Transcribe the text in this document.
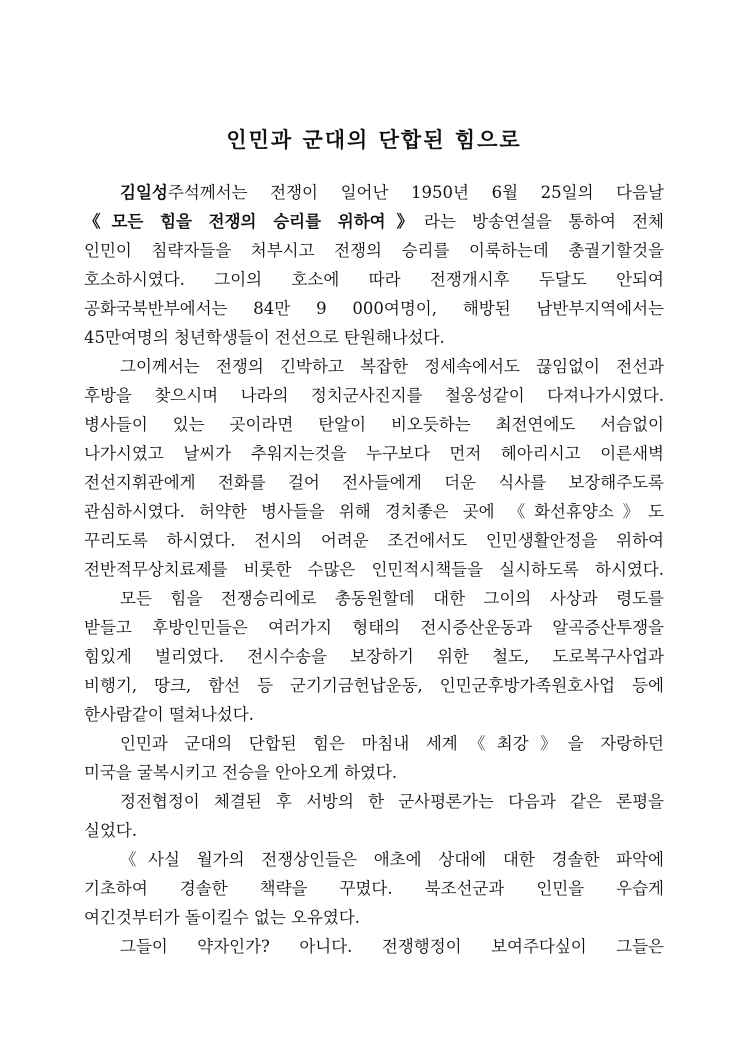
인민과 군대의 단합된 힘으로
김일성주석께서는 전쟁이 일어난 1950년 6월 25일의 다음날
《모든 힘을 전쟁의 승리를 위하여》라는 방송연설을 통하여 전체
인민이 침략자들을 처부시고 전쟁의 승리를 이룩하는데 총궐기할것을
호소하시였다. 그이의 호소에 따라 전쟁개시후 두달도 안되여
공화국북반부에서는 84만 9 000여명이, 해방된 남반부지역에서는
45만여명의 청년학생들이 전선으로 탄원해나섰다.
그이께서는 전쟁의 긴박하고 복잡한 정세속에서도 끊임없이 전선과
후방을 찾으시며 나라의 정치군사진지를 철옹성같이 다져나가시였다.
병사들이 있는 곳이라면 탄알이 비오듯하는 최전연에도 서슴없이
나가시였고 날씨가 추워지는것을 누구보다 먼저 헤아리시고 이른새벽
전선지휘관에게 전화를 걸어 전사들에게 더운 식사를 보장해주도록
관심하시였다. 허약한 병사들을 위해 경치좋은 곳에 《화선휴양소》도
꾸리도록 하시였다. 전시의 어려운 조건에서도 인민생활안정을 위하여
전반적무상치료제를 비롯한 수많은 인민적시책들을 실시하도록 하시였다.
모든 힘을 전쟁승리에로 총동원할데 대한 그이의 사상과 령도를
받들고 후방인민들은 여러가지 형태의 전시증산운동과 알곡증산투쟁을
힘있게 벌리였다. 전시수송을 보장하기 위한 철도, 도로복구사업과
비행기, 땅크, 함선 등 군기기금헌납운동, 인민군후방가족원호사업 등에
한사람같이 떨쳐나섰다.
인민과 군대의 단합된 힘은 마침내 세계《최강》을 자랑하던
미국을 굴복시키고 전승을 안아오게 하였다.
정전협정이 체결된 후 서방의 한 군사평론가는 다음과 같은 론평을
실었다.
《사실 월가의 전쟁상인들은 애초에 상대에 대한 경솔한 파악에
기초하여 경솔한 책략을 꾸몄다. 북조선군과 인민을 우습게
여긴것부터가 돌이킬수 없는 오유였다.
그들이 약자인가? 아니다. 전쟁행정이 보여주다싶이 그들은
